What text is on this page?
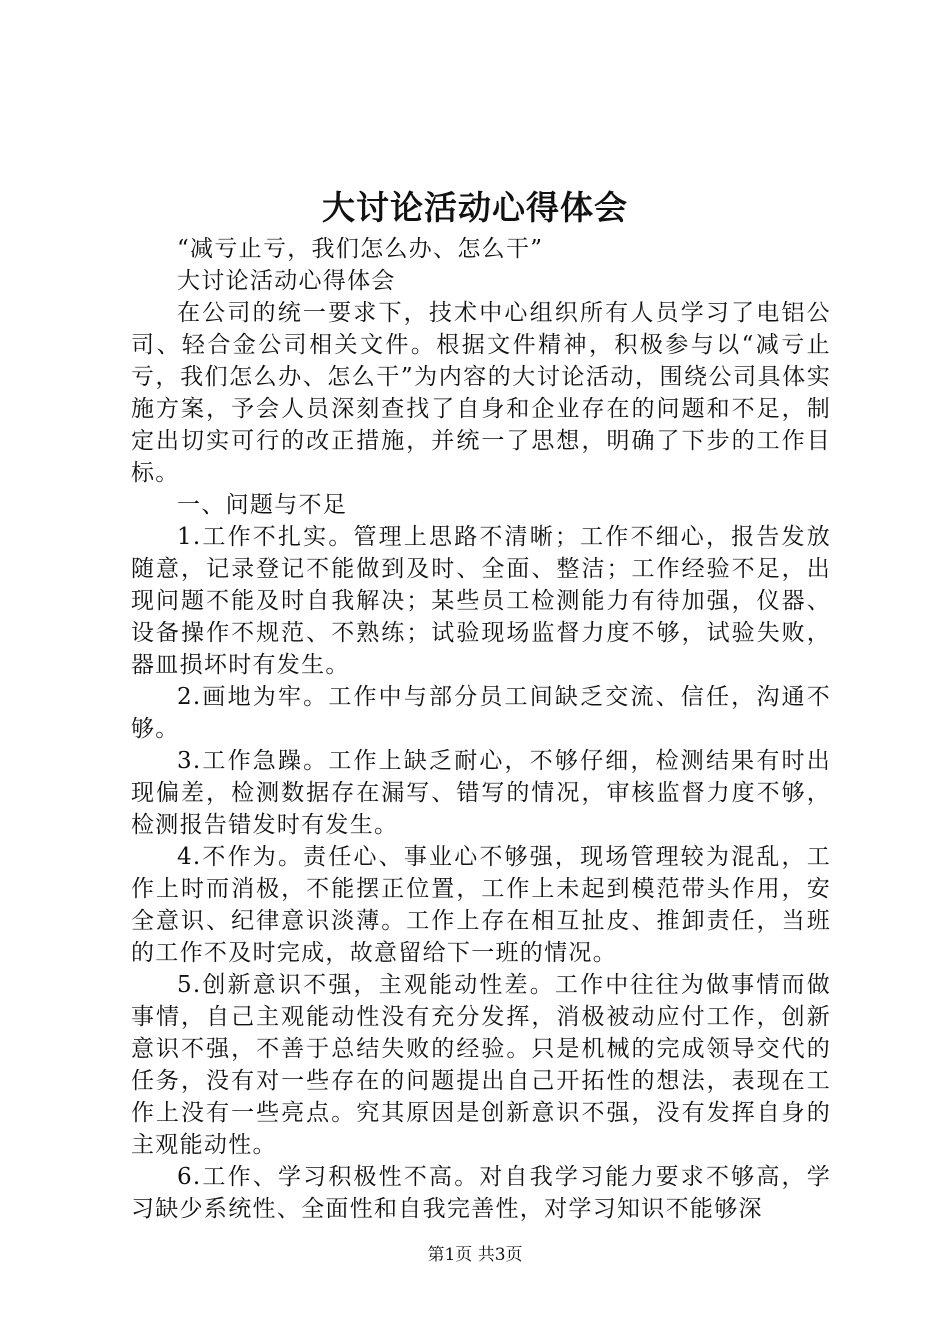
大讨论活动心得体会

“减亏止亏，我们怎么办、怎么干”

大讨论活动心得体会

在公司的统一要求下，技术中心组织所有人员学习了电铝公司、轻合金公司相关文件。根据文件精神，积极参与以“减亏止亏，我们怎么办、怎么干”为内容的大讨论活动，围绕公司具体实施方案，予会人员深刻查找了自身和企业存在的问题和不足，制定出切实可行的改正措施，并统一了思想，明确了下步的工作目标。

一、问题与不足

1.工作不扎实。管理上思路不清晰；工作不细心，报告发放随意，记录登记不能做到及时、全面、整洁；工作经验不足，出现问题不能及时自我解决；某些员工检测能力有待加强，仪器、设备操作不规范、不熟练；试验现场监督力度不够，试验失败，器皿损坏时有发生。

2.画地为牢。工作中与部分员工间缺乏交流、信任，沟通不够。

3.工作急躁。工作上缺乏耐心，不够仔细，检测结果有时出现偏差，检测数据存在漏写、错写的情况，审核监督力度不够，检测报告错发时有发生。

4.不作为。责任心、事业心不够强，现场管理较为混乱，工作上时而消极，不能摆正位置，工作上未起到模范带头作用，安全意识、纪律意识淡薄。工作上存在相互扯皮、推卸责任，当班的工作不及时完成，故意留给下一班的情况。

5.创新意识不强，主观能动性差。工作中往往为做事情而做事情，自己主观能动性没有充分发挥，消极被动应付工作，创新意识不强，不善于总结失败的经验。只是机械的完成领导交代的任务，没有对一些存在的问题提出自己开拓性的想法，表现在工作上没有一些亮点。究其原因是创新意识不强，没有发挥自身的主观能动性。

6.工作、学习积极性不高。对自我学习能力要求不够高，学习缺少系统性、全面性和自我完善性，对学习知识不能够深

第1页 共3页
